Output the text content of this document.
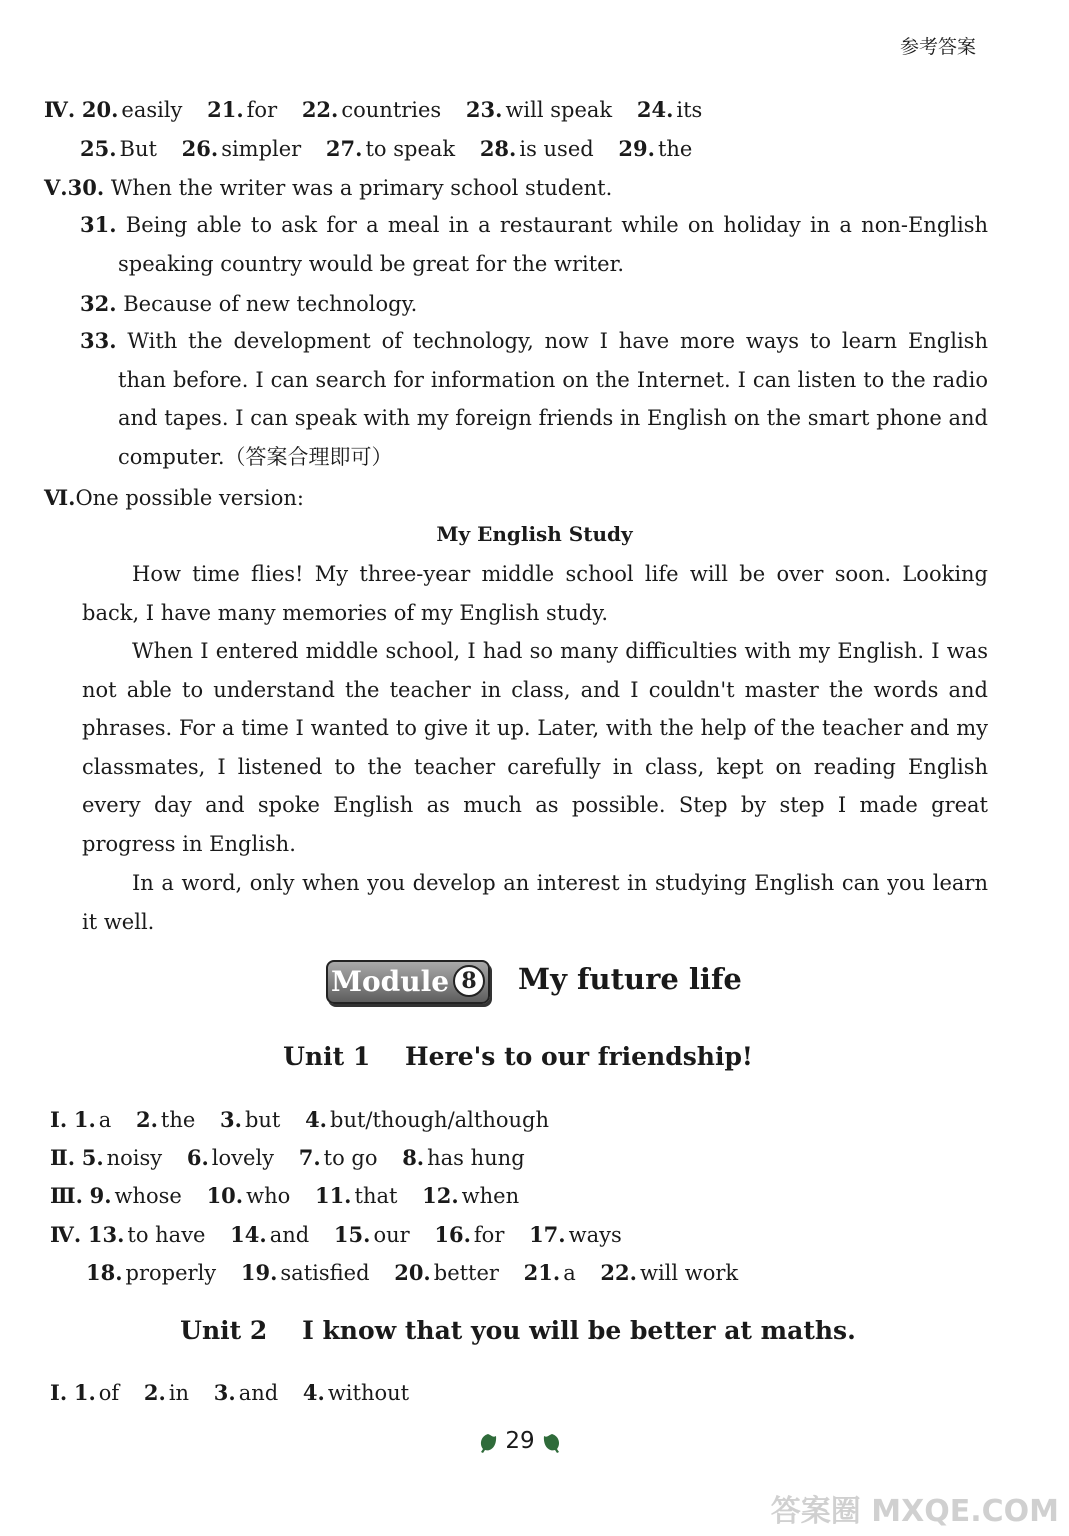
参考答案
Ⅳ. 20. easily 21. for 22. countries 23. will speak 24. its
25. But 26. simpler 27. to speak 28. is used 29. the
Ⅴ.30. When the writer was a primary school student.
31. Being able to ask for a meal in a restaurant while on holiday in a non-English speaking country would be great for the writer.
32. Because of new technology.
33. With the development of technology, now I have more ways to learn English than before. I can search for information on the Internet. I can listen to the radio and tapes. I can speak with my foreign friends in English on the smart phone and computer.（答案合理即可）
Ⅵ.One possible version:
My English Study
How time flies! My three-year middle school life will be over soon. Looking back, I have many memories of my English study.
When I entered middle school, I had so many difficulties with my English. I was not able to understand the teacher in class, and I couldn't master the words and phrases. For a time I wanted to give it up. Later, with the help of the teacher and my classmates, I listened to the teacher carefully in class, kept on reading English every day and spoke English as much as possible. Step by step I made great progress in English.
In a word, only when you develop an interest in studying English can you learn it well.
Module 8	My future life
Unit 1    Here's to our friendship!
Ⅰ. 1. a 2. the 3. but 4. but/though/although
Ⅱ. 5. noisy 6. lovely 7. to go 8. has hung
Ⅲ. 9. whose 10. who 11. that 12. when
Ⅳ. 13. to have 14. and 15. our 16. for 17. ways
18. properly 19. satisfied 20. better 21. a 22. will work
Unit 2    I know that you will be better at maths.
Ⅰ. 1. of 2. in 3. and 4. without
29
答案圈 MXQE.COM
